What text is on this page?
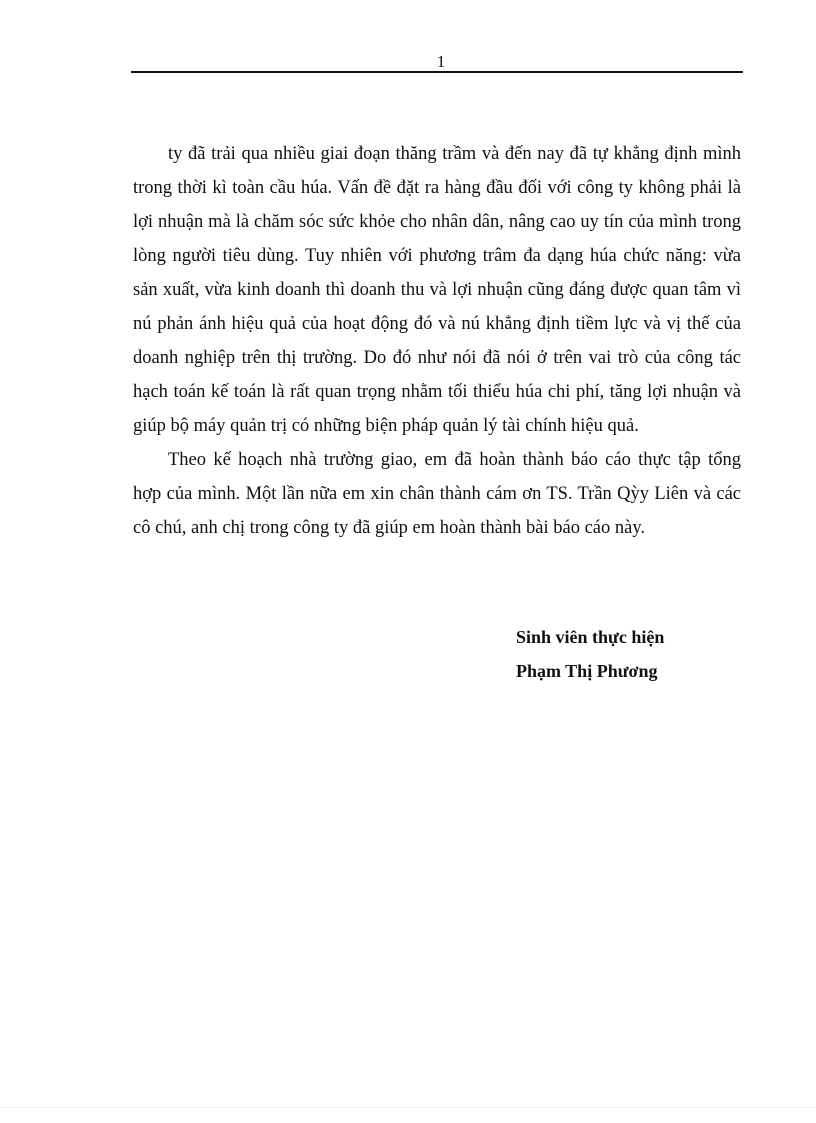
1
ty đã trải qua nhiều giai đoạn thăng trầm và đến nay đã tự khẳng định mình
trong thời kì toàn cầu húa. Vấn đề đặt ra hàng đầu đối với công ty không phải là
lợi nhuận mà là chăm sóc sức khỏe cho nhân dân, nâng cao uy tín của mình trong
lòng người tiêu dùng. Tuy nhiên với phương trâm đa dạng húa chức năng: vừa
sản xuất, vừa kinh doanh thì doanh thu và lợi nhuận cũng đáng được quan tâm vì
nú phản ánh hiệu quả của hoạt động đó và nú khẳng định tiềm lực và vị thế của
doanh nghiệp trên thị trường. Do đó như nói đã nói ở trên vai trò của công tác
hạch toán kế toán là rất quan trọng nhằm tối thiểu húa chi phí, tăng lợi nhuận và
giúp bộ máy quản trị có những biện pháp quản lý tài chính hiệu quả.
Theo kế hoạch nhà trường giao, em đã hoàn thành báo cáo thực tập tổng
hợp của mình. Một lần nữa em xin chân thành cám ơn TS. Trần Qỳy Liên và các
cô chú, anh chị trong công ty đã giúp em hoàn thành bài báo cáo này.
Sinh viên thực hiện
Phạm Thị Phương
